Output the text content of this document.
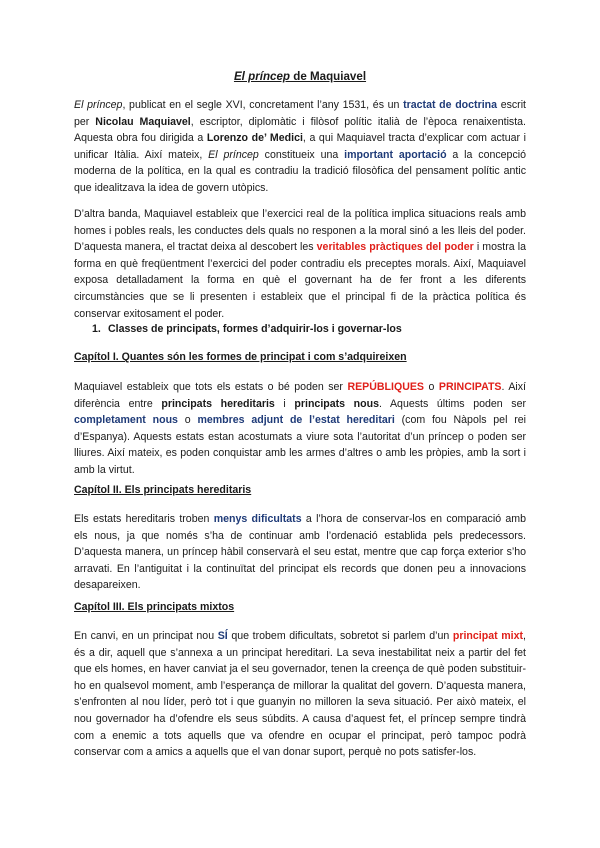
El príncep de Maquiavel
El príncep, publicat en el segle XVI, concretament l’any 1531, és un tractat de doctrina escrit per Nicolau Maquiavel, escriptor, diplomàtic i filòsof polític italià de l’època renaixentista. Aquesta obra fou dirigida a Lorenzo de’ Medici, a qui Maquiavel tracta d’explicar com actuar i unificar Itàlia. Així mateix, El príncep constitueix una important aportació a la concepció moderna de la política, en la qual es contradiu la tradició filosòfica del pensament polític antic que idealitzava la idea de govern utòpics.
D’altra banda, Maquiavel estableix que l’exercici real de la política implica situacions reals amb homes i pobles reals, les conductes dels quals no responen a la moral sinó a les lleis del poder. D’aquesta manera, el tractat deixa al descobert les veritables pràctiques del poder i mostra la forma en què freqüentment l’exercici del poder contradiu els preceptes morals. Així, Maquiavel exposa detalladament la forma en què el governant ha de fer front a les diferents circumstàncies que se li presenten i estableix que el principal fi de la pràctica política és conservar exitosament el poder.
1. Classes de principats, formes d’adquirir-los i governar-los
Capítol I. Quantes són les formes de principat i com s’adquireixen
Maquiavel estableix que tots els estats o bé poden ser REPÚBLIQUES o PRINCIPATS. Així diferència entre principats hereditaris i principats nous. Aquests últims poden ser completament nous o membres adjunt de l’estat hereditari (com fou Nàpols pel rei d’Espanya). Aquests estats estan acostumats a viure sota l’autoritat d’un príncep o poden ser lliures. Així mateix, es poden conquistar amb les armes d’altres o amb les pròpies, amb la sort i amb la virtut.
Capítol II. Els principats hereditaris
Els estats hereditaris troben menys dificultats a l’hora de conservar-los en comparació amb els nous, ja que només s’ha de continuar amb l’ordenació establida pels predecessors. D’aquesta manera, un príncep hàbil conservarà el seu estat, mentre que cap força exterior s’ho arravati. En l’antiguitat i la continuïtat del principat els records que donen peu a innovacions desapareixen.
Capítol III. Els principats mixtos
En canvi, en un principat nou SÍ que trobem dificultats, sobretot si parlem d’un principat mixt, és a dir, aquell que s’annexa a un principat hereditari. La seva inestabilitat neix a partir del fet que els homes, en haver canviat ja el seu governador, tenen la creença de què poden substituir-ho en qualsevol moment, amb l’esperança de millorar la qualitat del govern. D’aquesta manera, s’enfronten al nou líder, però tot i que guanyin no milloren la seva situació. Per això mateix, el nou governador ha d’ofendre els seus súbdits. A causa d’aquest fet, el príncep sempre tindrà com a enemic a tots aquells que va ofendre en ocupar el principat, però tampoc podrà conservar com a amics a aquells que el van donar suport, perquè no pots satisfer-los.
